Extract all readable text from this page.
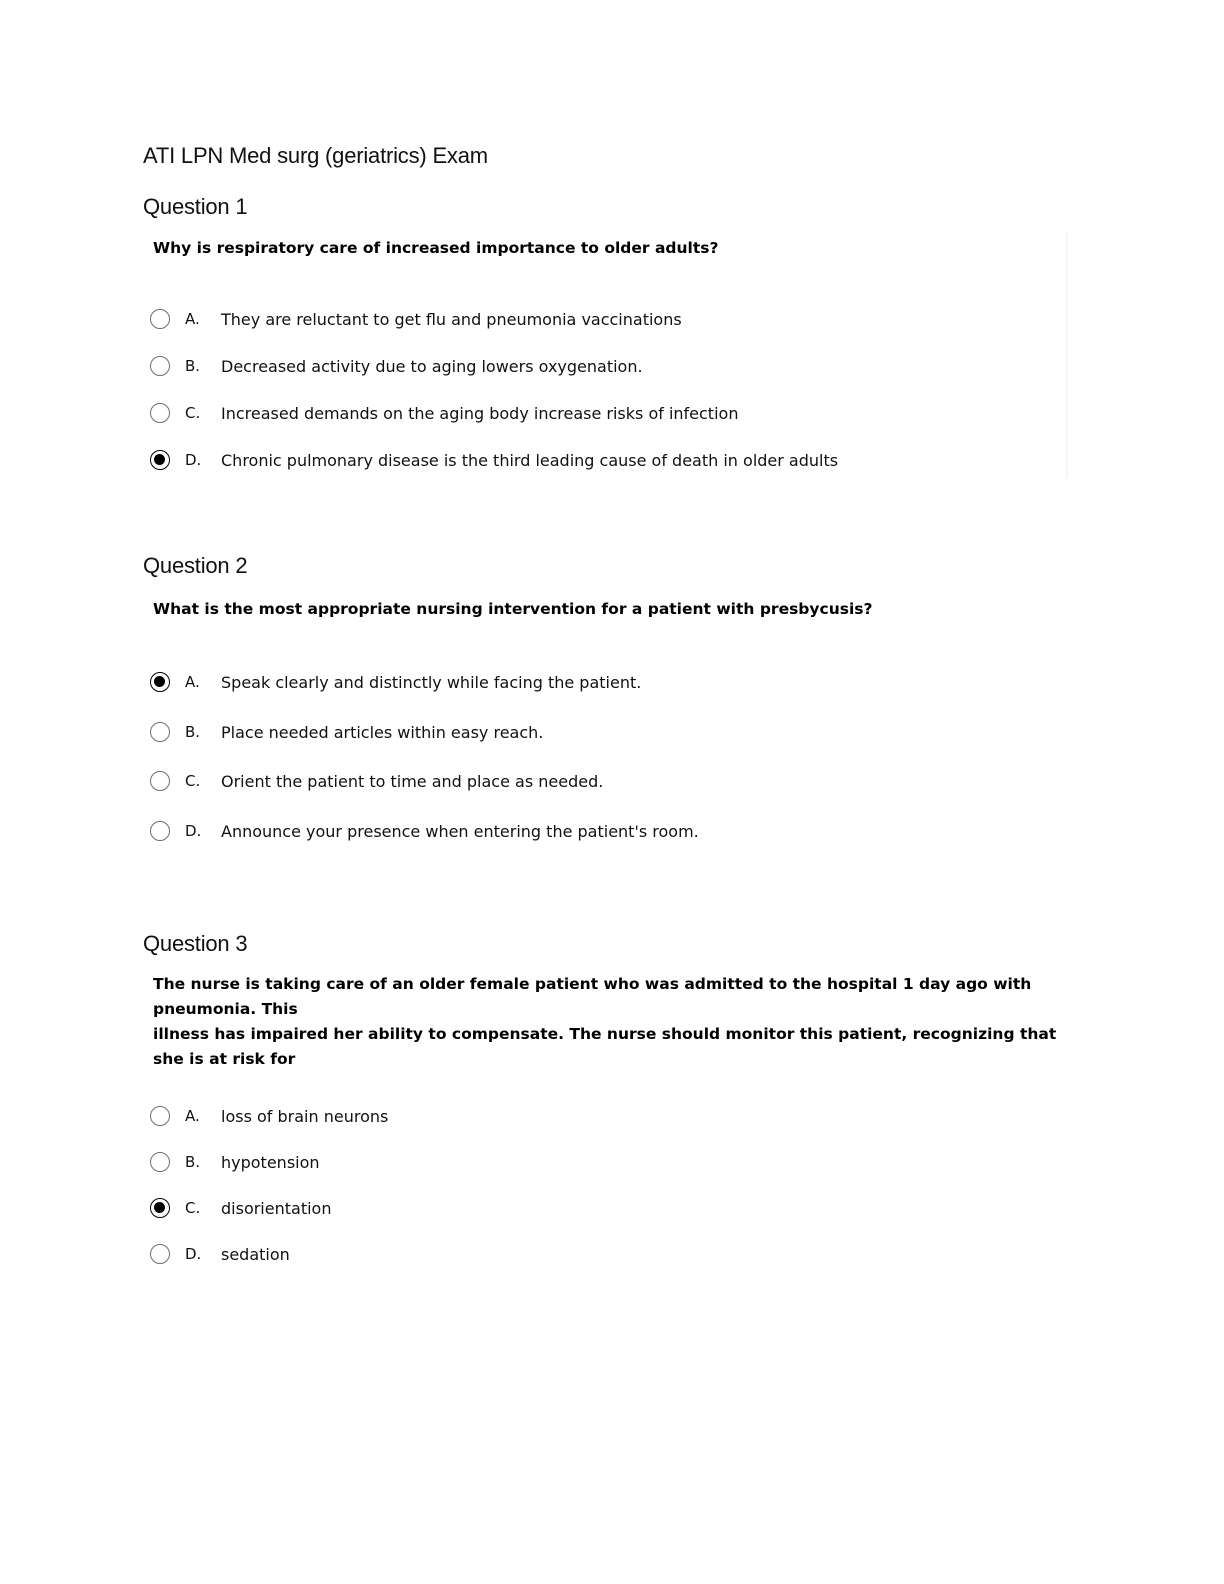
ATI LPN Med surg (geriatrics) Exam
Question 1
Why is respiratory care of increased importance to older adults?
A.	They are reluctant to get flu and pneumonia vaccinations
B.	Decreased activity due to aging lowers oxygenation.
C.	Increased demands on the aging body increase risks of infection
D.	Chronic pulmonary disease is the third leading cause of death in older adults
Question 2
What is the most appropriate nursing intervention for a patient with presbycusis?
A.	Speak clearly and distinctly while facing the patient.
B.	Place needed articles within easy reach.
C.	Orient the patient to time and place as needed.
D.	Announce your presence when entering the patient's room.
Question 3
The nurse is taking care of an older female patient who was admitted to the hospital 1 day ago with pneumonia. This
illness has impaired her ability to compensate. The nurse should monitor this patient, recognizing that she is at risk for
A.	loss of brain neurons
B.	hypotension
C.	disorientation
D.	sedation
